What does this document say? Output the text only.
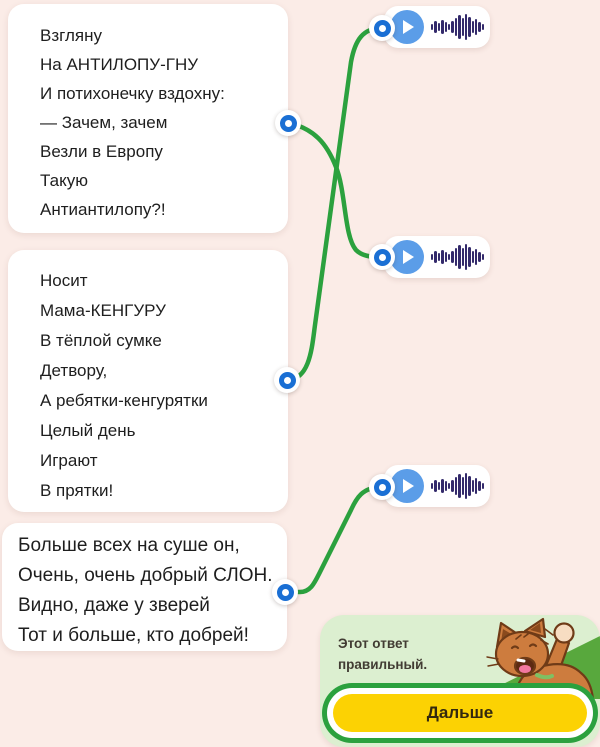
Взгляну

На АНТИЛОПУ-ГНУ

И потихонечку вздохну:

— Зачем, зачем

Везли в Европу

Такую

Антиантилопу?!

Носит

Мама-КЕНГУРУ

В тёплой сумке

Детвору,

А ребятки-кенгурятки

Целый день

Играют

В прятки!

Больше всех на суше он,

Очень, очень добрый СЛОН.

Видно, даже у зверей

Тот и больше, кто добрей!	Этот ответ правильный.
Дальше
